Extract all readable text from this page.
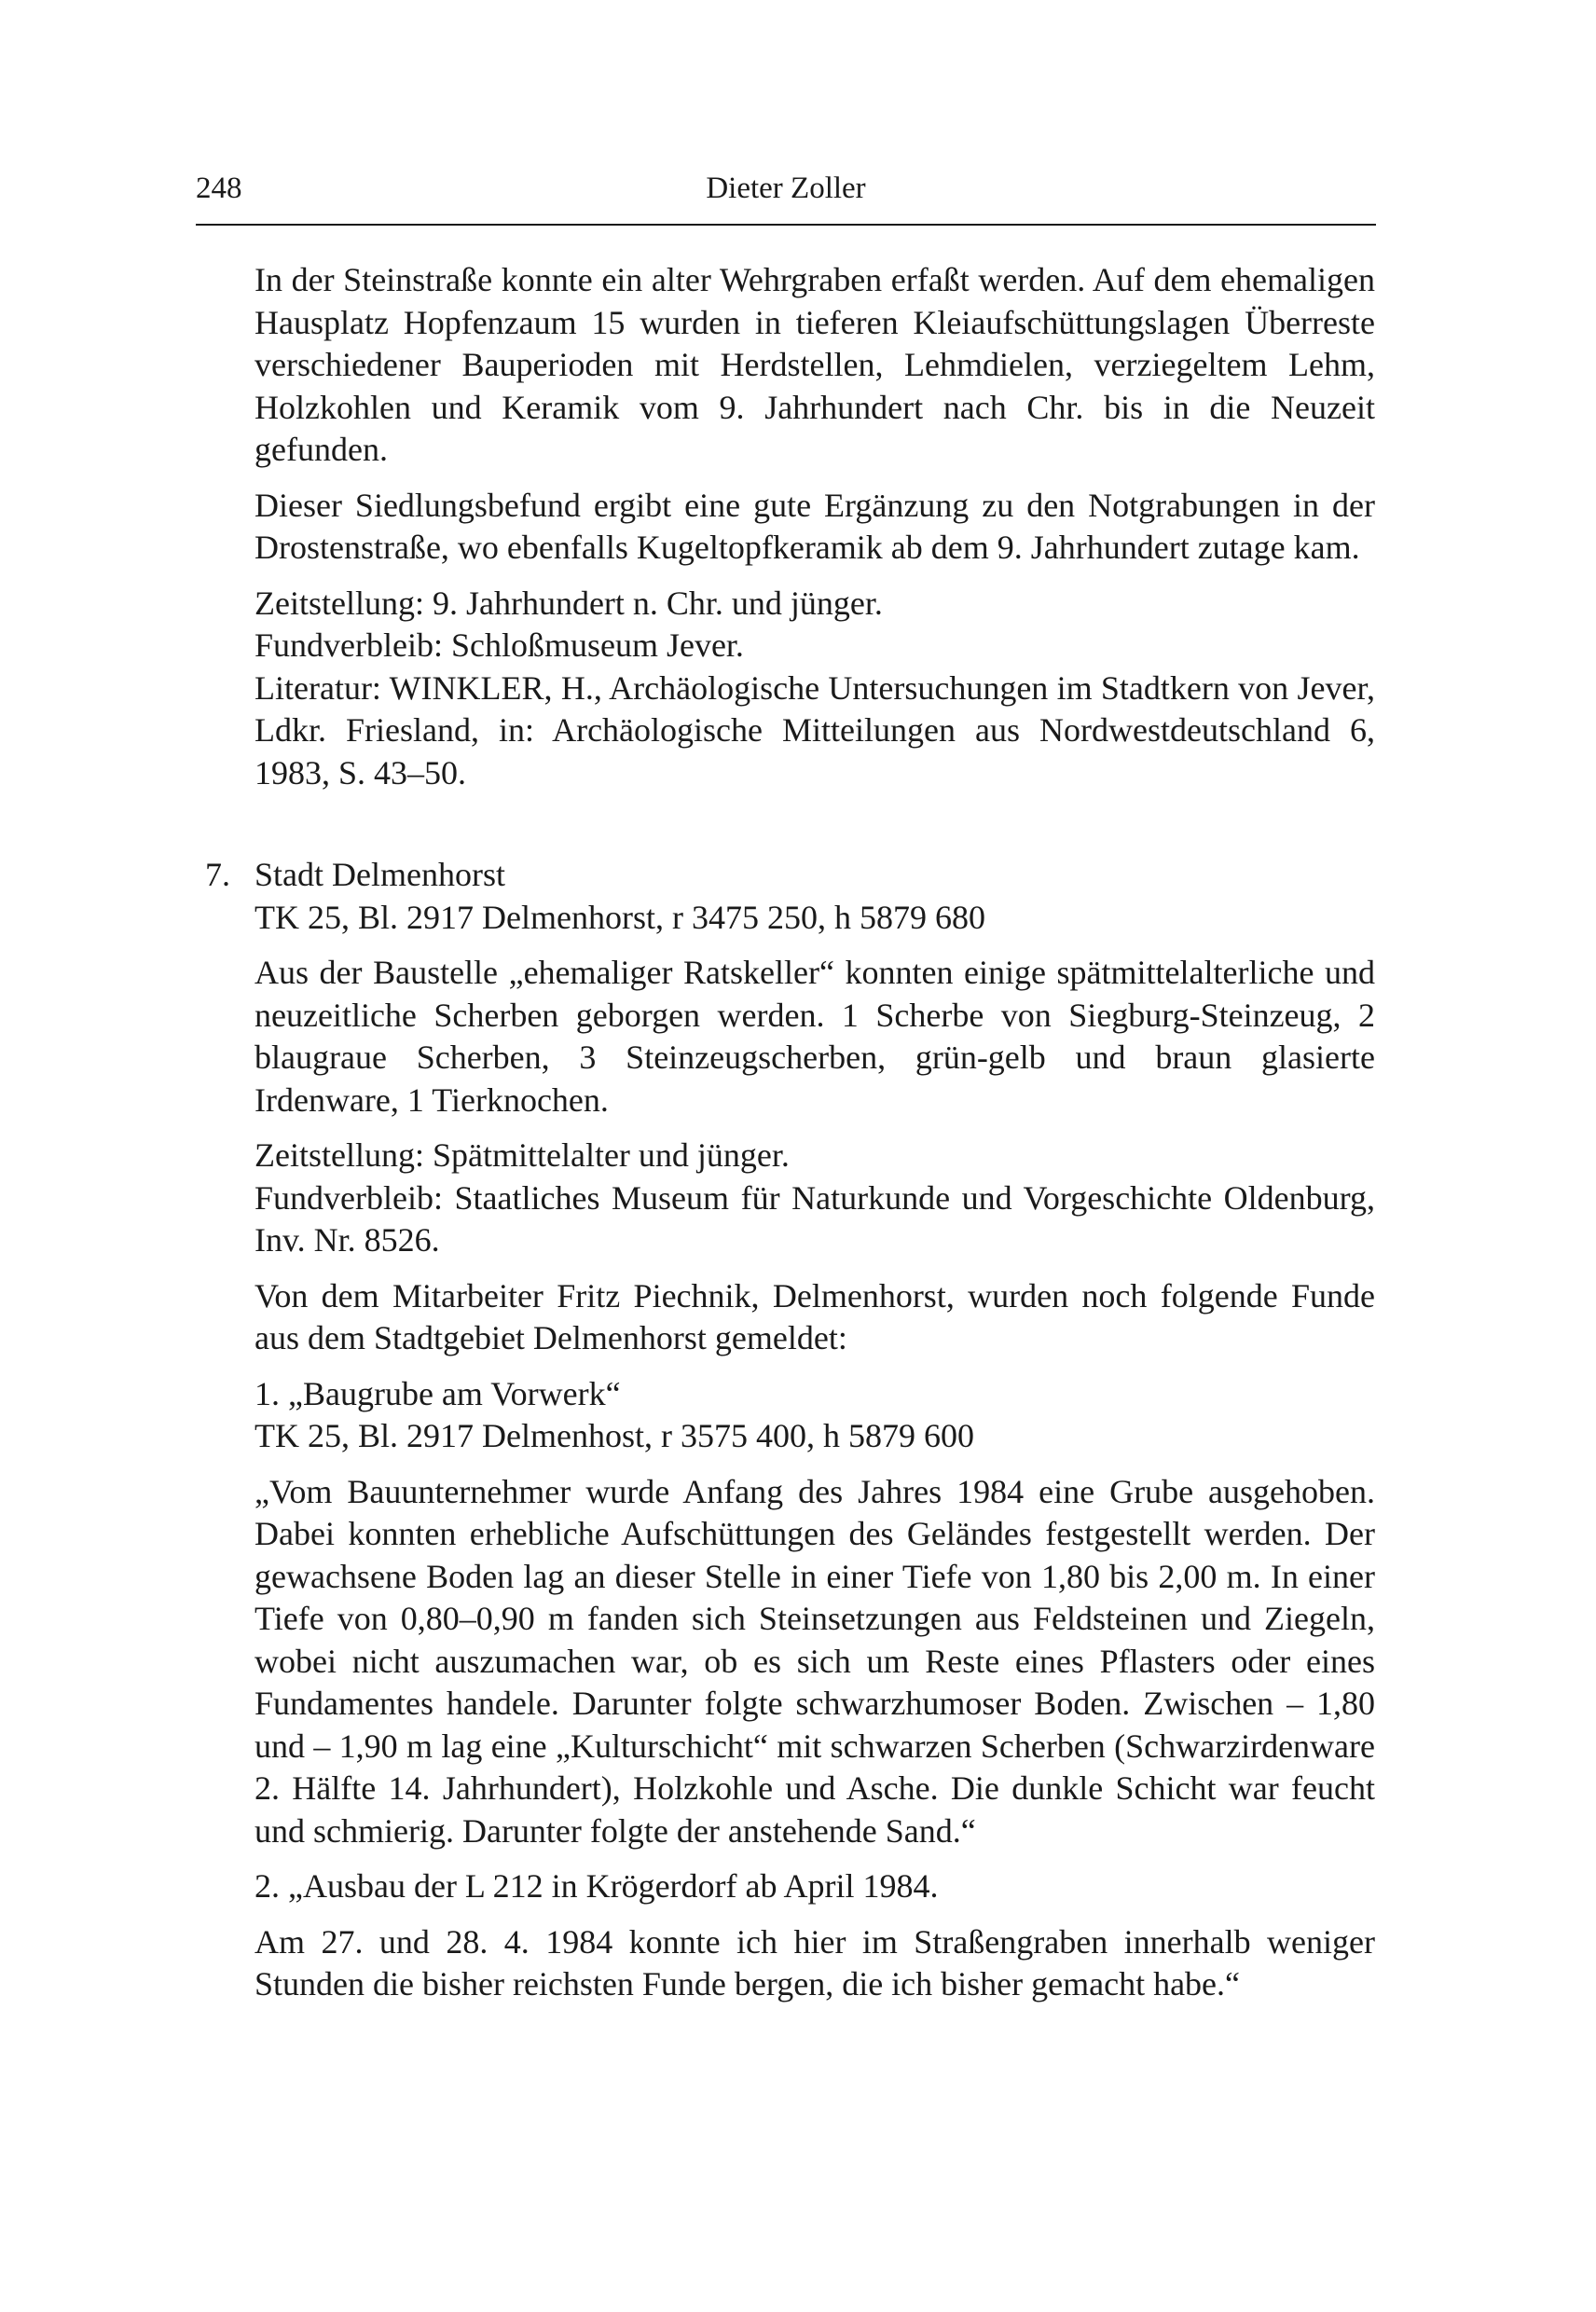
248	Dieter Zoller

In der Steinstraße konnte ein alter Wehrgraben erfaßt werden. Auf dem ehemaligen Hausplatz Hopfenzaum 15 wurden in tieferen Kleiaufschüttungslagen Überreste verschiedener Bauperioden mit Herdstellen, Lehmdielen, verziegeltem Lehm, Holzkohlen und Keramik vom 9. Jahrhundert nach Chr. bis in die Neuzeit gefunden.

Dieser Siedlungsbefund ergibt eine gute Ergänzung zu den Notgrabungen in der Drostenstraße, wo ebenfalls Kugeltopfkeramik ab dem 9. Jahrhundert zutage kam.

Zeitstellung: 9. Jahrhundert n. Chr. und jünger.

Fundverbleib: Schloßmuseum Jever.

Literatur: WINKLER, H., Archäologische Untersuchungen im Stadtkern von Jever, Ldkr. Friesland, in: Archäologische Mitteilungen aus Nordwestdeutschland 6, 1983, S. 43–50.

7. Stadt Delmenhorst
TK 25, Bl. 2917 Delmenhorst, r 3475 250, h 5879 680

Aus der Baustelle „ehemaliger Ratskeller“ konnten einige spätmittelalterliche und neuzeitliche Scherben geborgen werden. 1 Scherbe von Siegburg-Steinzeug, 2 blaugraue Scherben, 3 Steinzeugscherben, grün-gelb und braun glasierte Irdenware, 1 Tierknochen.

Zeitstellung: Spätmittelalter und jünger.

Fundverbleib: Staatliches Museum für Naturkunde und Vorgeschichte Oldenburg, Inv. Nr. 8526.

Von dem Mitarbeiter Fritz Piechnik, Delmenhorst, wurden noch folgende Funde aus dem Stadtgebiet Delmenhorst gemeldet:

1. „Baugrube am Vorwerk“
TK 25, Bl. 2917 Delmenhost, r 3575 400, h 5879 600

„Vom Bauunternehmer wurde Anfang des Jahres 1984 eine Grube ausgehoben. Dabei konnten erhebliche Aufschüttungen des Geländes festgestellt werden. Der gewachsene Boden lag an dieser Stelle in einer Tiefe von 1,80 bis 2,00 m. In einer Tiefe von 0,80–0,90 m fanden sich Steinsetzungen aus Feldsteinen und Ziegeln, wobei nicht auszumachen war, ob es sich um Reste eines Pflasters oder eines Fundamentes handele. Darunter folgte schwarzhumoser Boden. Zwischen – 1,80 und – 1,90 m lag eine „Kulturschicht“ mit schwarzen Scherben (Schwarzirdenware 2. Hälfte 14. Jahrhundert), Holzkohle und Asche. Die dunkle Schicht war feucht und schmierig. Darunter folgte der anstehende Sand.“

2. „Ausbau der L 212 in Krögerdorf ab April 1984.

Am 27. und 28. 4. 1984 konnte ich hier im Straßengraben innerhalb weniger Stunden die bisher reichsten Funde bergen, die ich bisher gemacht habe.“
